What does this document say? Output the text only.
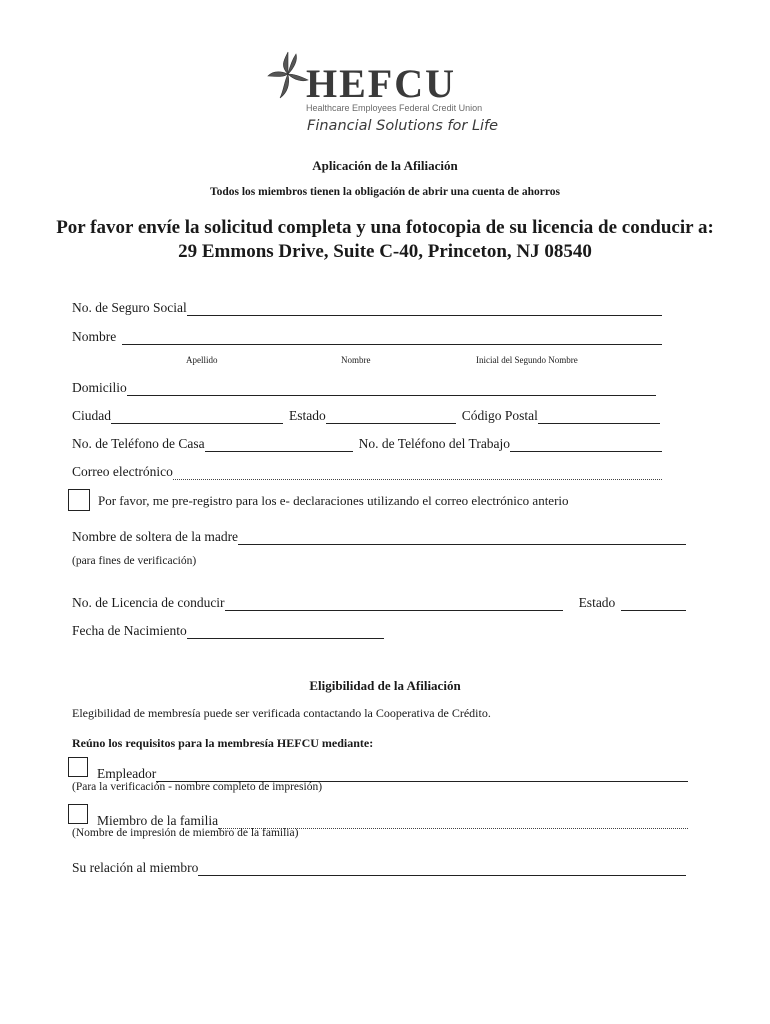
HEFCU
Healthcare Employees Federal Credit Union
Financial Solutions for Life
Aplicación de la Afiliación
Todos los miembros tienen la obligación de abrir una cuenta de ahorros
Por favor envíe la solicitud completa y una fotocopia de su licencia de conducir a:
29 Emmons Drive, Suite C-40, Princeton, NJ 08540
No. de Seguro Social
Nombre
Apellido	Nombre	Inicial del Segundo Nombre
Domicilio
Ciudad	Estado	Código Postal
No. de Teléfono de Casa	No. de Teléfono del Trabajo
Correo electrónico
Por favor, me pre-registro para los e- declaraciones utilizando el correo electrónico anterio
Nombre de soltera de la madre
(para fines de verificación)
No. de Licencia de conducir	Estado
Fecha de Nacimiento
Eligibilidad de la Afiliación
Elegibilidad de membresía puede ser verificada contactando la Cooperativa de Crédito.
Reúno los requisitos para la membresía HEFCU mediante:
Empleador
(Para la verificación - nombre completo de impresión)
Miembro de la familia
(Nombre de impresión de miembro de la familia)
Su relación al miembro
